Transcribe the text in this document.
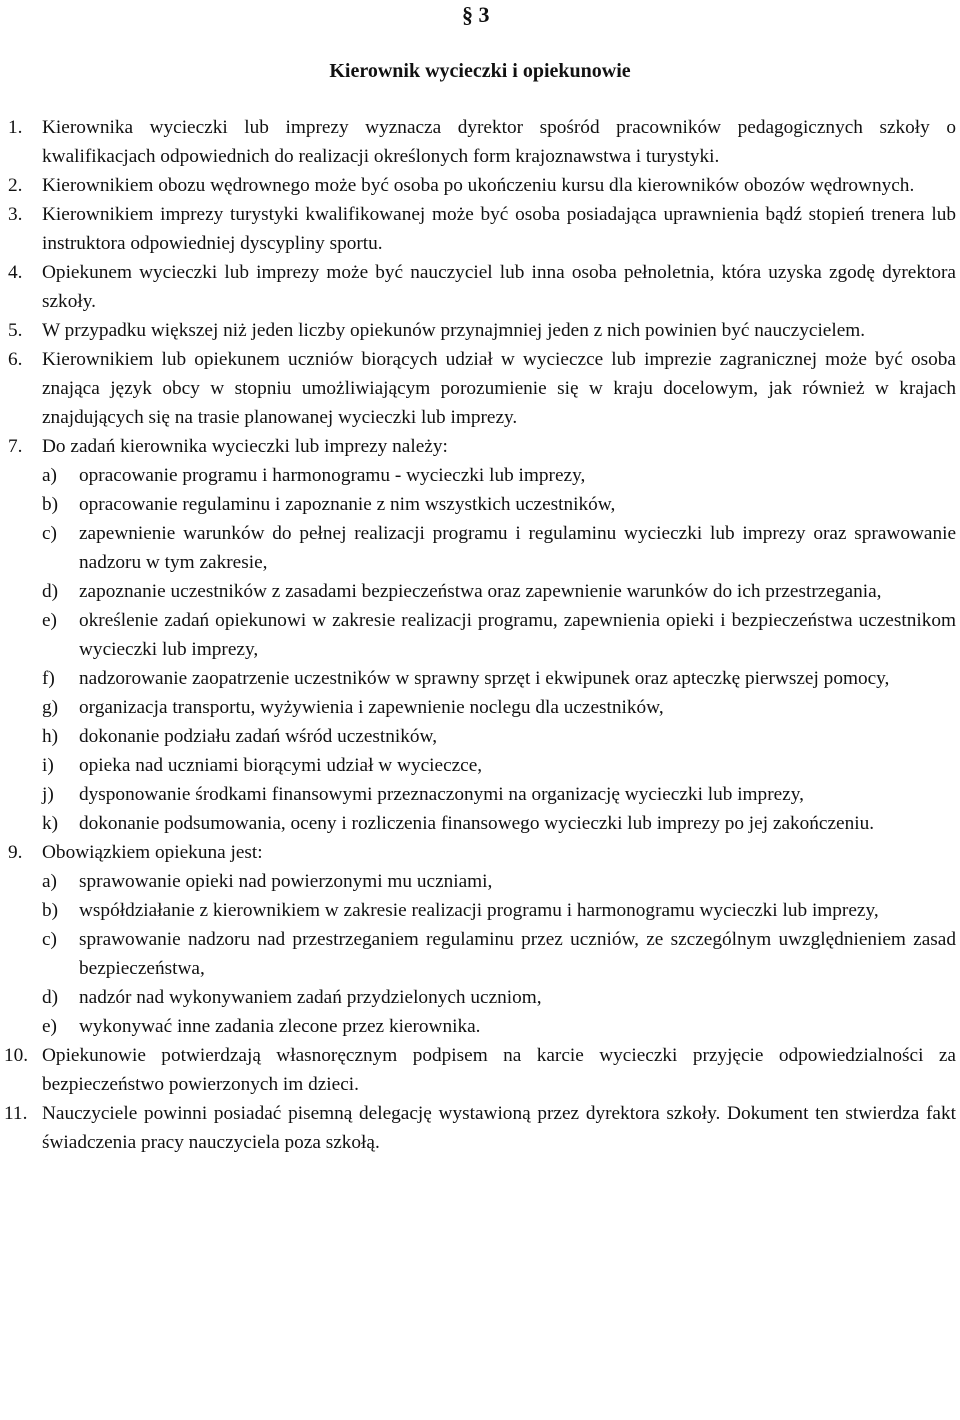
§ 3
Kierownik wycieczki i opiekunowie
1. Kierownika wycieczki lub imprezy wyznacza dyrektor spośród pracowników pedagogicznych szkoły o kwalifikacjach odpowiednich do realizacji określonych form krajoznawstwa i turystyki.
2. Kierownikiem obozu wędrownego może być osoba po ukończeniu kursu dla kierowników obozów wędrownych.
3. Kierownikiem imprezy turystyki kwalifikowanej może być osoba posiadająca uprawnienia bądź stopień trenera lub instruktora odpowiedniej dyscypliny sportu.
4. Opiekunem wycieczki lub imprezy może być nauczyciel lub inna osoba pełnoletnia, która uzyska zgodę dyrektora szkoły.
5. W przypadku większej niż jeden liczby opiekunów przynajmniej jeden z nich powinien być nauczycielem.
6. Kierownikiem lub opiekunem uczniów biorących udział w wycieczce lub imprezie zagranicznej może być osoba znająca język obcy w stopniu umożliwiającym porozumienie się w kraju docelowym, jak również w krajach znajdujących się na trasie planowanej wycieczki lub imprezy.
7. Do zadań kierownika wycieczki lub imprezy należy:
a) opracowanie programu i harmonogramu - wycieczki lub imprezy,
b) opracowanie regulaminu i zapoznanie z nim wszystkich uczestników,
c) zapewnienie warunków do pełnej realizacji programu i regulaminu wycieczki lub imprezy oraz sprawowanie nadzoru w tym zakresie,
d) zapoznanie uczestników z zasadami bezpieczeństwa oraz zapewnienie warunków do ich przestrzegania,
e) określenie zadań opiekunowi w zakresie realizacji programu, zapewnienia opieki i bezpieczeństwa uczestnikom wycieczki lub imprezy,
f) nadzorowanie zaopatrzenie uczestników w sprawny sprzęt i ekwipunek oraz apteczkę pierwszej pomocy,
g) organizacja transportu, wyżywienia i zapewnienie noclegu dla uczestników,
h) dokonanie podziału zadań wśród uczestników,
i) opieka nad uczniami biorącymi udział w wycieczce,
j) dysponowanie środkami finansowymi przeznaczonymi na organizację wycieczki lub imprezy,
k) dokonanie podsumowania, oceny i rozliczenia finansowego wycieczki lub imprezy po jej zakończeniu.
9. Obowiązkiem opiekuna jest:
a) sprawowanie opieki nad powierzonymi mu uczniami,
b) współdziałanie z kierownikiem w zakresie realizacji programu i harmonogramu wycieczki lub imprezy,
c) sprawowanie nadzoru nad przestrzeganiem regulaminu przez uczniów, ze szczególnym uwzględnieniem zasad bezpieczeństwa,
d) nadzór nad wykonywaniem zadań przydzielonych uczniom,
e) wykonywać inne zadania zlecone przez kierownika.
10. Opiekunowie potwierdzają własnoręcznym podpisem na karcie wycieczki przyjęcie odpowiedzialności za bezpieczeństwo powierzonych im dzieci.
11. Nauczyciele powinni posiadać pisemną delegację wystawioną przez dyrektora szkoły. Dokument ten stwierdza fakt świadczenia pracy nauczyciela poza szkołą.
